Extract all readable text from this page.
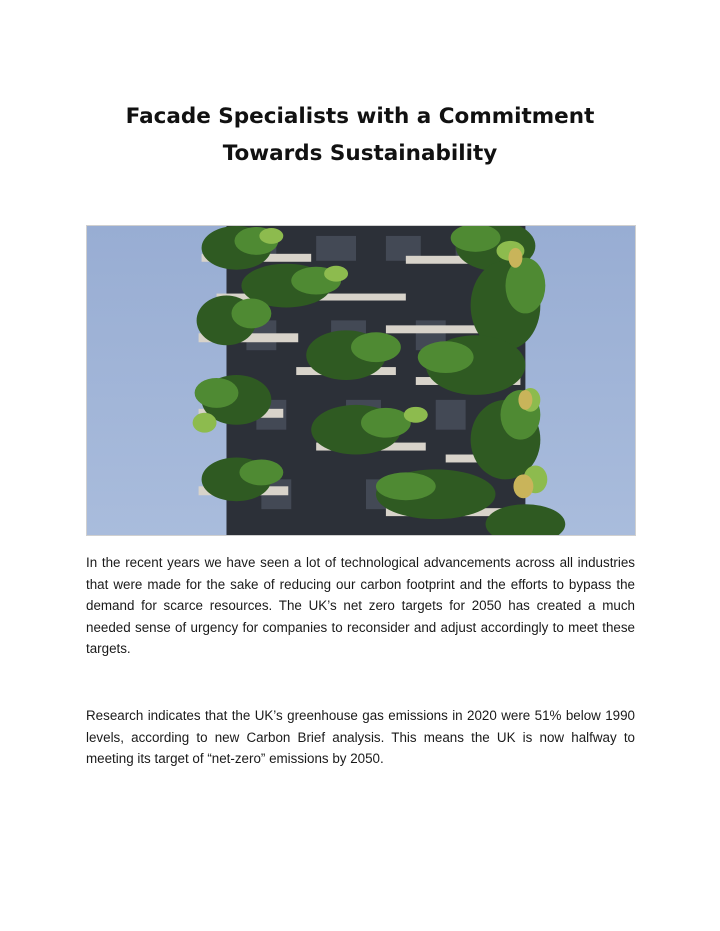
Facade Specialists with a Commitment
Towards Sustainability

In the recent years we have seen a lot of technological advancements across all industries that were made for the sake of reducing our carbon footprint and the efforts to bypass the demand for scarce resources. The UK’s net zero targets for 2050 has created a much needed sense of urgency for companies to reconsider and adjust accordingly to meet these targets.

Research indicates that the UK’s greenhouse gas emissions in 2020 were 51% below 1990 levels, according to new Carbon Brief analysis. This means the UK is now halfway to meeting its target of “net-zero” emissions by 2050.
